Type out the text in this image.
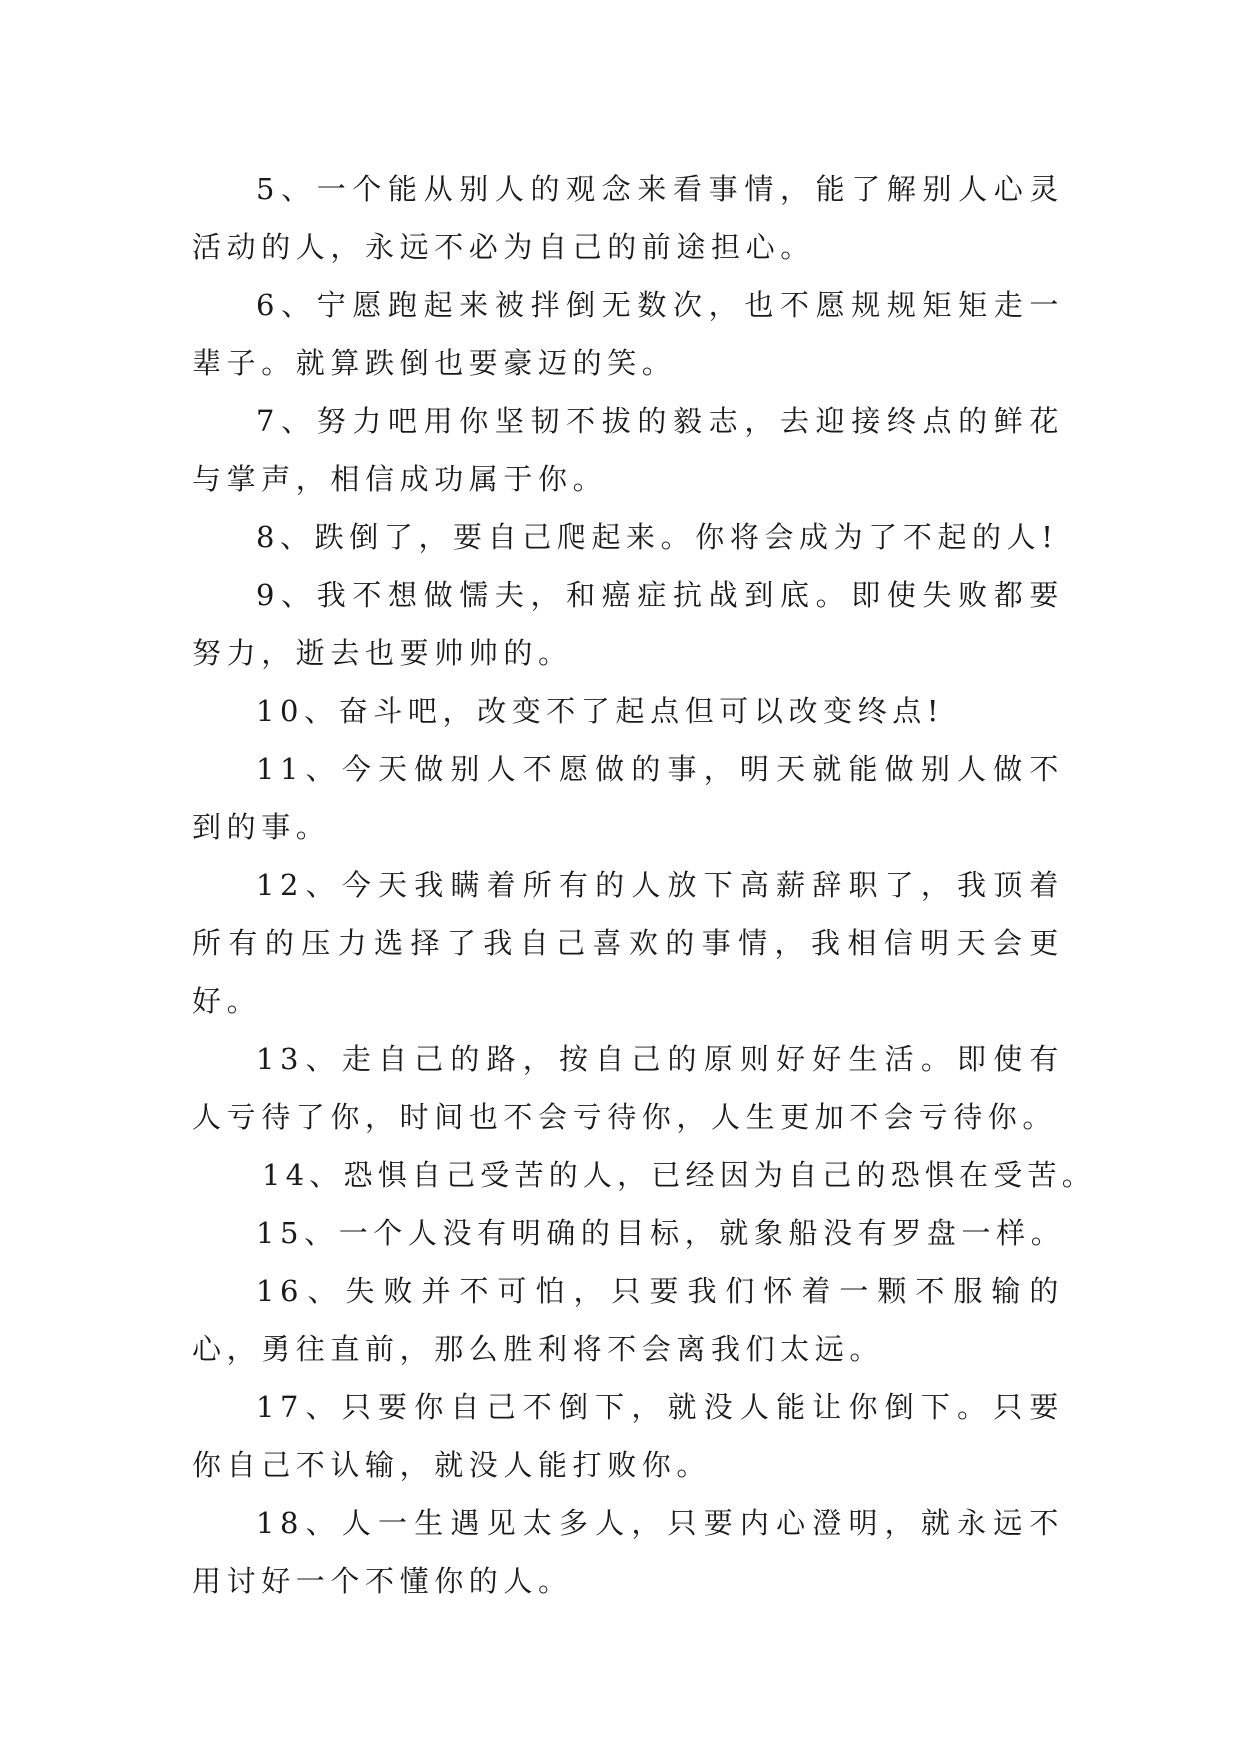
5、一个能从别人的观念来看事情，能了解别人心灵活动的人，永远不必为自己的前途担心。

6、宁愿跑起来被拌倒无数次，也不愿规规矩矩走一辈子。就算跌倒也要豪迈的笑。

7、努力吧用你坚韧不拔的毅志，去迎接终点的鲜花与掌声，相信成功属于你。

8、跌倒了，要自己爬起来。你将会成为了不起的人!

9、我不想做懦夫，和癌症抗战到底。即使失败都要努力，逝去也要帅帅的。

10、奋斗吧，改变不了起点但可以改变终点!

11、今天做别人不愿做的事，明天就能做别人做不到的事。

12、今天我瞒着所有的人放下高薪辞职了，我顶着所有的压力选择了我自己喜欢的事情，我相信明天会更好。

13、走自己的路，按自己的原则好好生活。即使有人亏待了你，时间也不会亏待你，人生更加不会亏待你。

14、恐惧自己受苦的人，已经因为自己的恐惧在受苦。

15、一个人没有明确的目标，就象船没有罗盘一样。

16、失败并不可怕，只要我们怀着一颗不服输的心，勇往直前，那么胜利将不会离我们太远。

17、只要你自己不倒下，就没人能让你倒下。只要你自己不认输，就没人能打败你。

18、人一生遇见太多人，只要内心澄明，就永远不用讨好一个不懂你的人。
